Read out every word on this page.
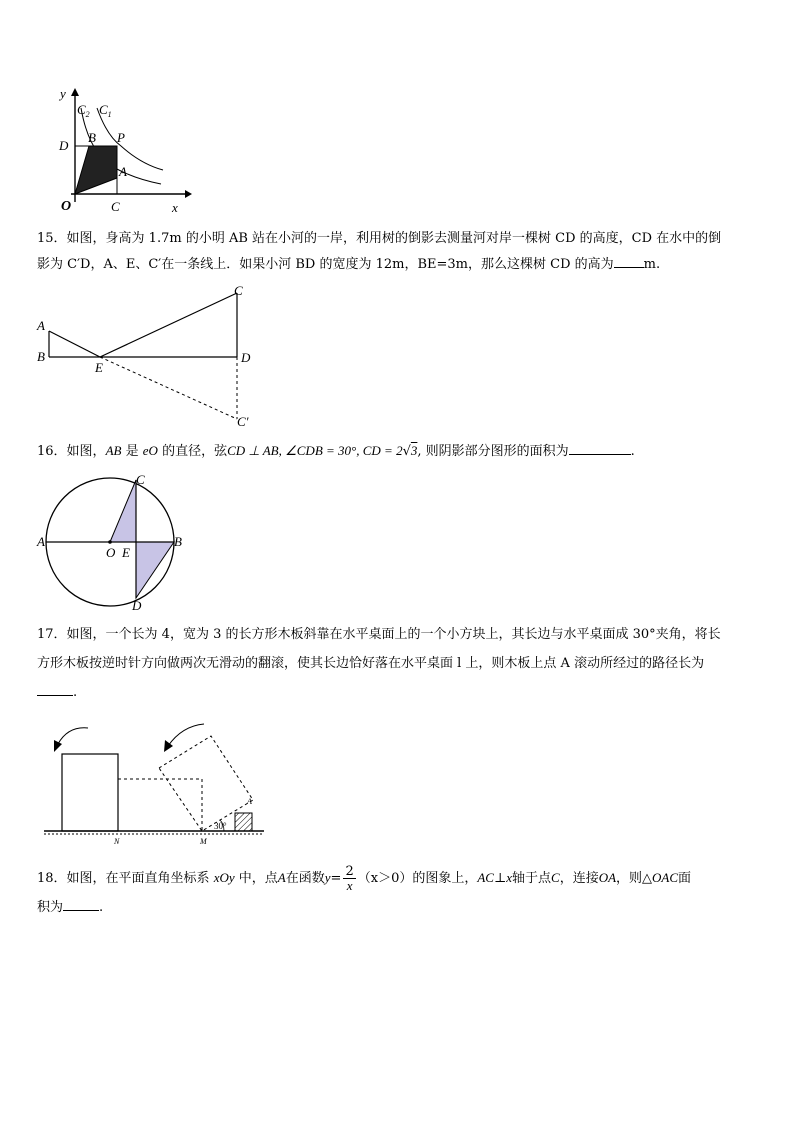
y
$C_2$ $C_1$
D
B P
A
O	C	x
15．如图，身高为 1.7m 的小明 AB 站在小河的一岸，利用树的倒影去测量河对岸一棵树 CD 的高度，CD 在水中的倒
影为 C′D，A、E、C′在一条线上．如果小河 BD 的宽度为 12m，BE=3m，那么这棵树 CD 的高为 m.
A
B
E
C
D
C′
16．如图，AB 是 eO 的直径，弦CD ⊥ AB, ∠CDB = 30°, CD = 2√3, 则阴影部分图形的面积为	.
A
O E
B
C
D
17．如图，一个长为 4，宽为 3 的长方形木板斜靠在水平桌面上的一个小方块上，其长边与水平桌面成 30°夹角，将长
方形木板按逆时针方向做两次无滑动的翻滚，使其长边恰好落在水平桌面 l 上，则木板上点 A 滚动所经过的路径长为
.
N	M
30°
A
18．如图，在平面直角坐标系 xOy 中，点A在函数$y= \frac{2}{x} (x>0)$的图象上，AC⊥x轴于点C，连接OA，则△OAC面
积为	.
